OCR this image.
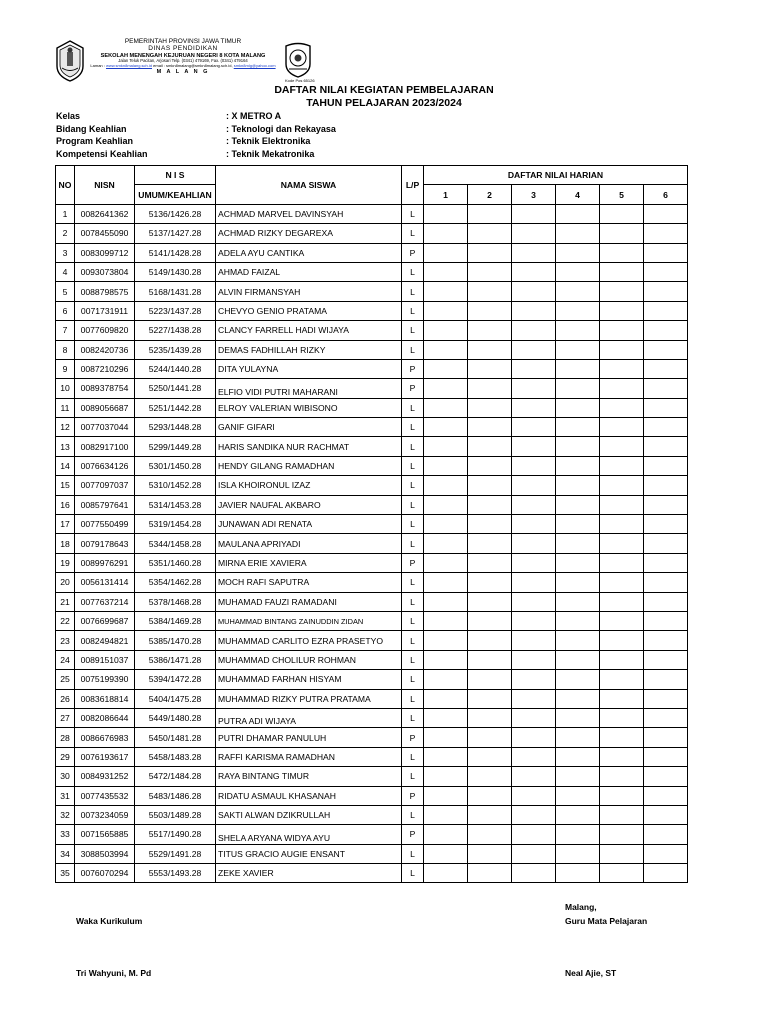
PEMERINTAH PROVINSI JAWA TIMUR
DINAS PENDIDIKAN
SEKOLAH MENENGAH KEJURUAN NEGERI 8 KOTA MALANG
Jalan Teluk Pacitan, Arjosari Telp. (0341) 479169, Fax. (0341) 479164
Laman : www.smkn8malang.sch.id email : smkn8malang@smkn8malang.sch.id, smkn8mlg@yahoo.com
M A L A N G
Kode Pos 65126
DAFTAR NILAI KEGIATAN PEMBELAJARAN
TAHUN PELAJARAN 2023/2024
Kelas	: X METRO A
Bidang Keahlian	: Teknologi dan Rekayasa
Program Keahlian	: Teknik Elektronika
Kompetensi Keahlian	: Teknik Mekatronika
NO	NISN	N I S	NAMA SISWA	L/P	DAFTAR NILAI HARIAN					
		UMUM/KEAHLIAN			1	2	3	4	5	6
1	0082641362	5136/1426.28	ACHMAD MARVEL DAVINSYAH	L						
2	0078455090	5137/1427.28	ACHMAD RIZKY DEGAREXA	L						
3	0083099712	5141/1428.28	ADELA AYU CANTIKA	P						
4	0093073804	5149/1430.28	AHMAD FAIZAL	L						
5	0088798575	5168/1431.28	ALVIN FIRMANSYAH	L						
6	0071731911	5223/1437.28	CHEVYO GENIO PRATAMA	L						
7	0077609820	5227/1438.28	CLANCY FARRELL HADI WIJAYA	L						
8	0082420736	5235/1439.28	DEMAS FADHILLAH RIZKY	L						
9	0087210296	5244/1440.28	DITA YULAYNA	P						
10	0089378754	5250/1441.28	ELFIO VIDI PUTRI MAHARANI	P						
11	0089056687	5251/1442.28	ELROY VALERIAN WIBISONO	L						
12	0077037044	5293/1448.28	GANIF GIFARI	L						
13	0082917100	5299/1449.28	HARIS SANDIKA NUR RACHMAT	L						
14	0076634126	5301/1450.28	HENDY GILANG RAMADHAN	L						
15	0077097037	5310/1452.28	ISLA KHOIRONUL IZAZ	L						
16	0085797641	5314/1453.28	JAVIER NAUFAL AKBARO	L						
17	0077550499	5319/1454.28	JUNAWAN ADI RENATA	L						
18	0079178643	5344/1458.28	MAULANA APRIYADI	L						
19	0089976291	5351/1460.28	MIRNA ERIE XAVIERA	P						
20	0056131414	5354/1462.28	MOCH RAFI SAPUTRA	L						
21	0077637214	5378/1468.28	MUHAMAD FAUZI RAMADANI	L						
22	0076699687	5384/1469.28	MUHAMMAD BINTANG ZAINUDDIN ZIDAN	L						
23	0082494821	5385/1470.28	MUHAMMAD CARLITO EZRA PRASETYO	L						
24	0089151037	5386/1471.28	MUHAMMAD CHOLILUR ROHMAN	L						
25	0075199390	5394/1472.28	MUHAMMAD FARHAN HISYAM	L						
26	0083618814	5404/1475.28	MUHAMMAD RIZKY PUTRA PRATAMA	L						
27	0082086644	5449/1480.28	PUTRA ADI WIJAYA	L						
28	0086676983	5450/1481.28	PUTRI DHAMAR PANULUH	P						
29	0076193617	5458/1483.28	RAFFI KARISMA RAMADHAN	L						
30	0084931252	5472/1484.28	RAYA BINTANG TIMUR	L						
31	0077435532	5483/1486.28	RIDATU ASMAUL KHASANAH	P						
32	0073234059	5503/1489.28	SAKTI ALWAN DZIKRULLAH	L						
33	0071565885	5517/1490.28	SHELA ARYANA WIDYA AYU	P						
34	3088503994	5529/1491.28	TITUS GRACIO AUGIE ENSANT	L						
35	0076070294	5553/1493.28	ZEKE XAVIER	L						
Malang,
Waka Kurikulum	Guru Mata Pelajaran
Tri Wahyuni, M. Pd	Neal Ajie, ST
